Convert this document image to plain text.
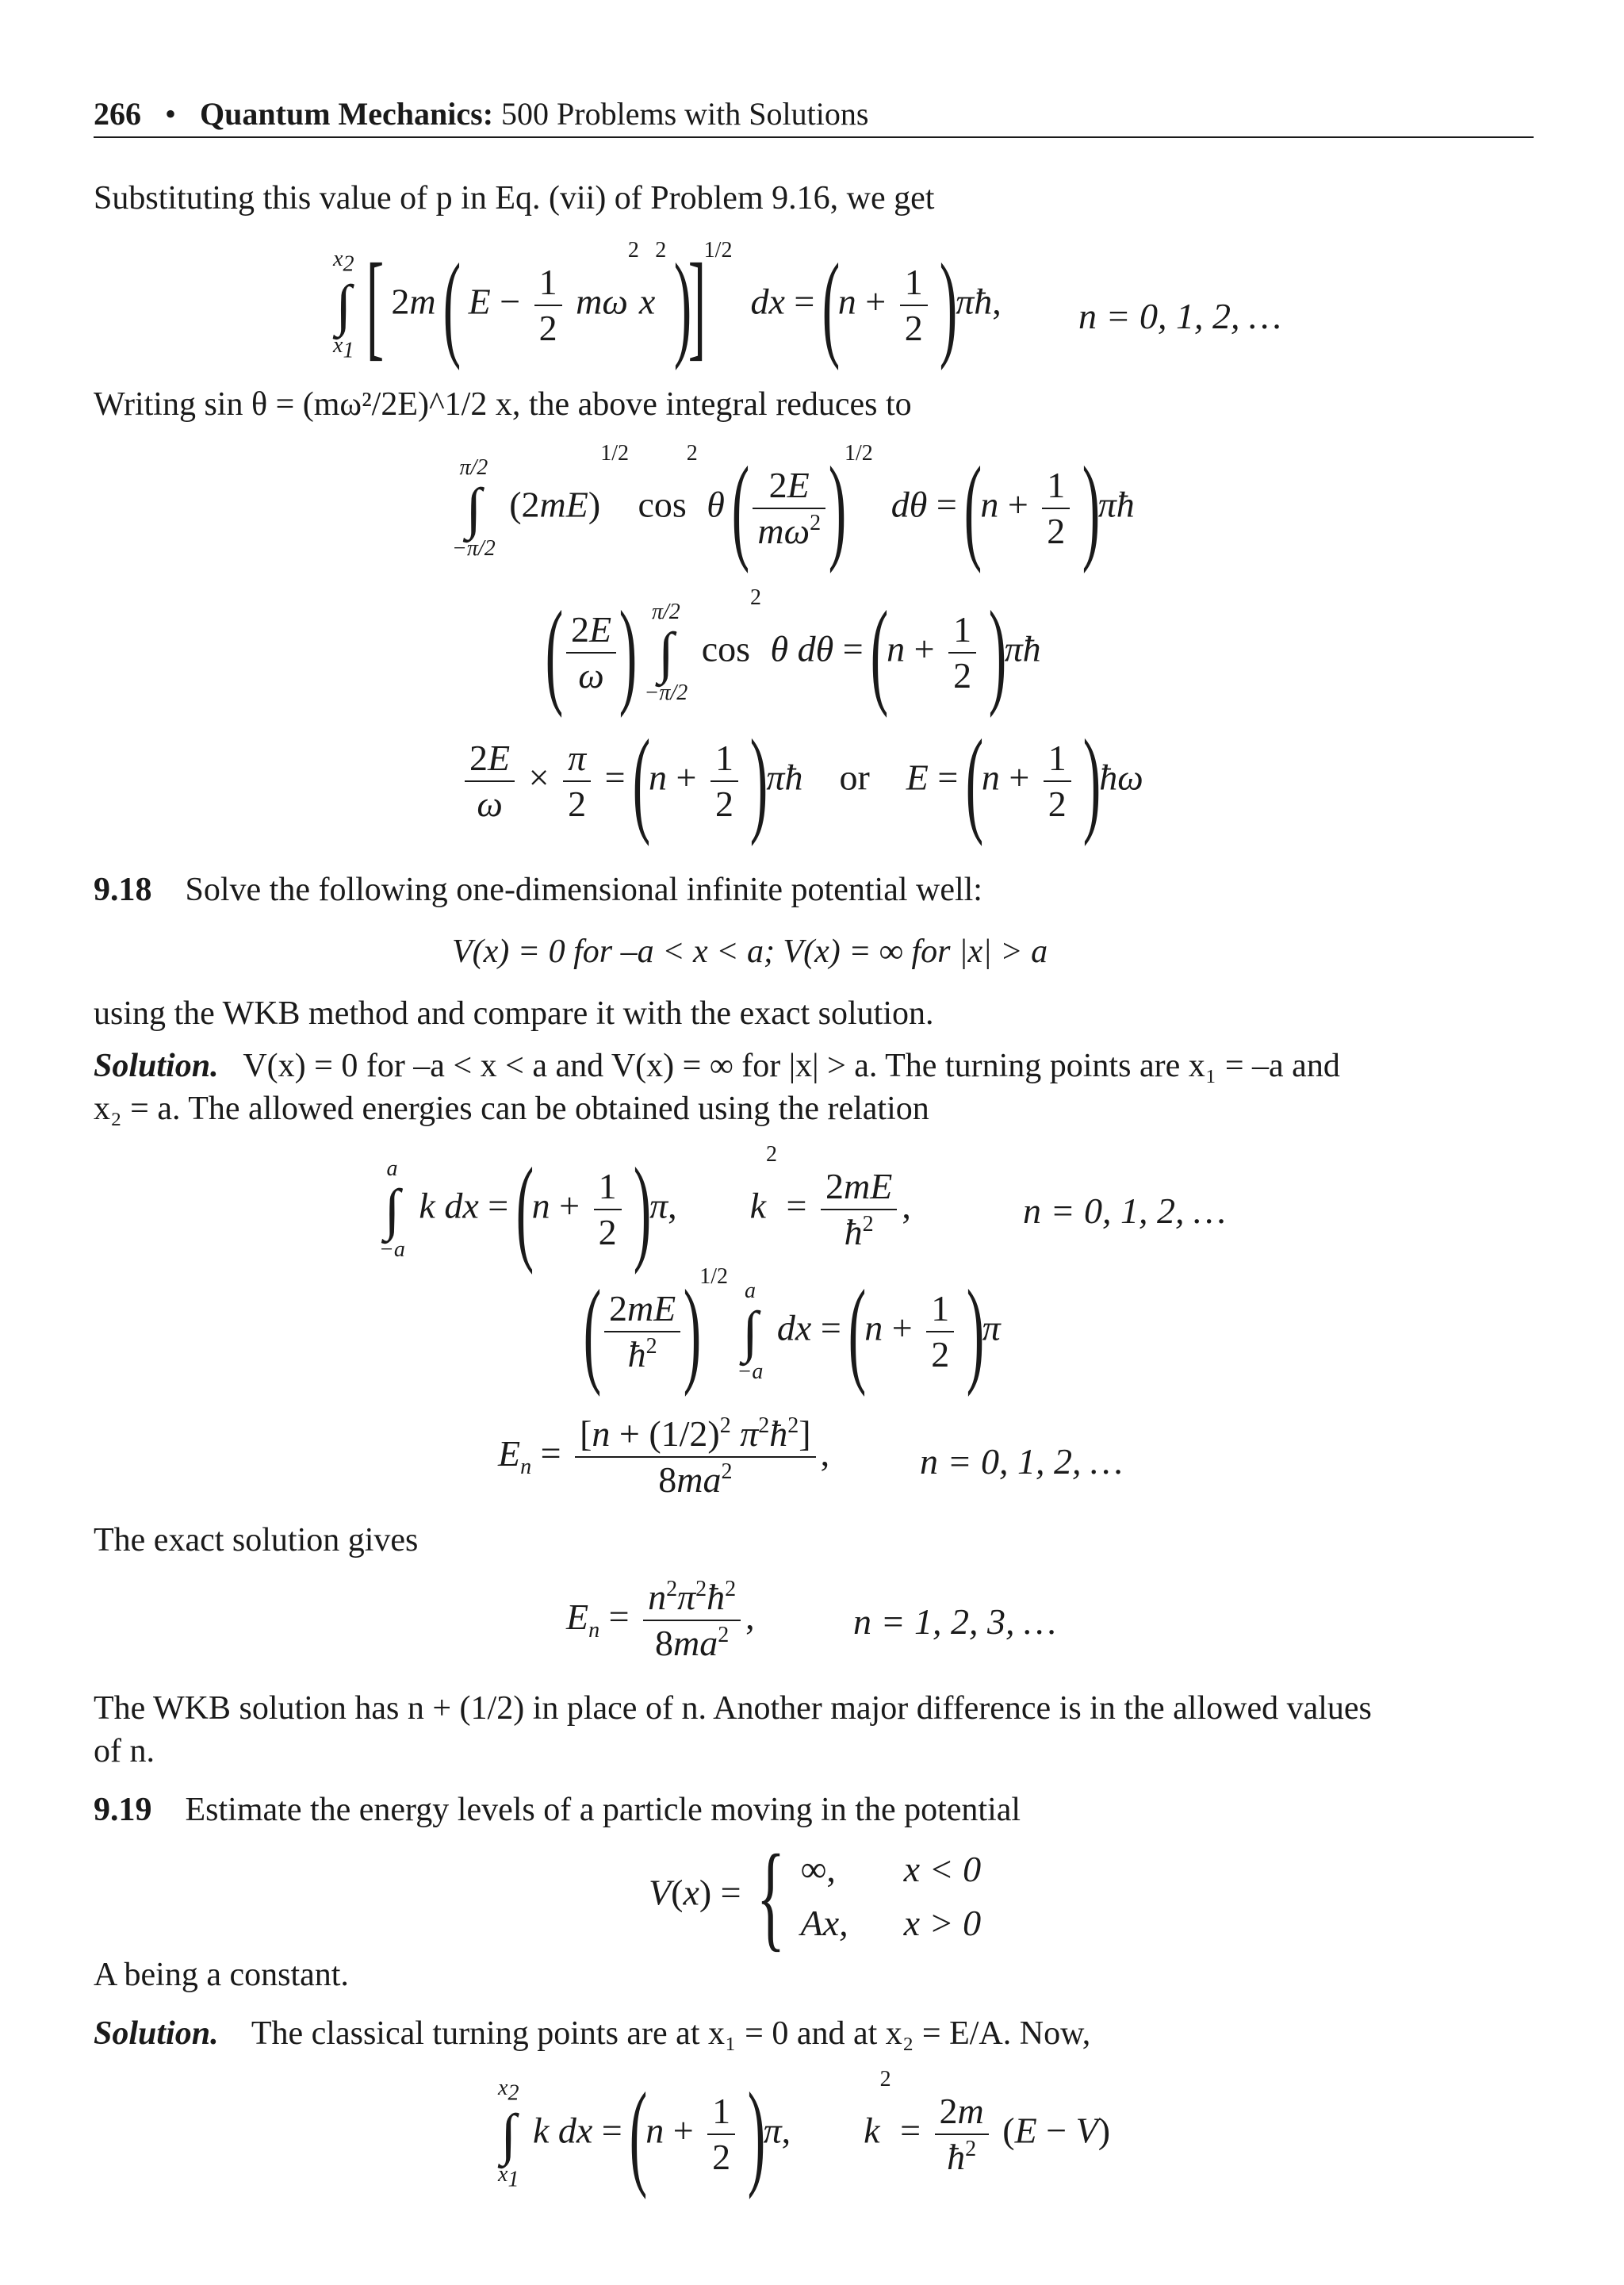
266 • Quantum Mechanics: 500 Problems with Solutions
Substituting this value of p in Eq. (vii) of Problem 9.16, we get
$x_2$
∫
$x_1$ [ 2m ( $E - \frac{1}{2} m\omega^2x^2$ )]$^{1/2}$  dx = ($n + \frac{1}{2}$ )πħ, n = 0, 1, 2, …
Writing sin θ = (mω²/2E)^1/2 x, the above integral reduces to
π/2
∫
−π/2
$(2mE)^{1/2}$ $\cos^2 \theta$ ( $\frac{2E}{m\omega^2} )^{1/2}$  $d\theta = (n + \frac{1}{2}$ )πħ
( $\frac{2E}{\omega}$ ) π/2
∫
−π/2
$\cos^2 \theta$ $d\theta = (n + \frac{1}{2}$ )πħ
$\frac{2E}{\omega} \times \frac{\pi}{2} = (n + \frac{1}{2}$ )πħ or $E = (n + \frac{1}{2}$ )ħω
9.18 Solve the following one-dimensional infinite potential well:
V(x) = 0 for –a < x < a; V(x) = ∞ for |x| > a
using the WKB method and compare it with the exact solution.
Solution. V(x) = 0 for –a < x < a and V(x) = ∞ for |x| > a. The turning points are x₁ = –a and
x₂ = a. The allowed energies can be obtained using the relation
a
∫
−a
k dx = $(n + \frac{1}{2} )\pi$,        $k^2 = \frac{2mE}{ħ^2}$ ,	n = 0, 1, 2, …
( $\frac{2mE}{ħ^2} )^{1/2}$
a
∫
−a
dx = $(n + \frac{1}{2} )\pi$
$E_n = \frac{[n + (1/2)^2 \pi^2ħ^2]}{8ma^2}$ , n = 0, 1, 2, …
The exact solution gives
$E_n = \frac{n^2\pi^2ħ^2}{8ma^2}$ ,	n = 1, 2, 3, …
The WKB solution has n + (1/2) in place of n. Another major difference is in the allowed values
of n.
9.19 Estimate the energy levels of a particle moving in the potential
V(x) = { ∞, x < 0
Ax, x > 0
A being a constant.
Solution. The classical turning points are at x₁ = 0 and at x₂ = E/A. Now,
$x_2$
∫
$x_1$
k dx = $(n + \frac{1}{2} )\pi$,        $k^2 = \frac{2m}{ħ^2} (E - V)$
